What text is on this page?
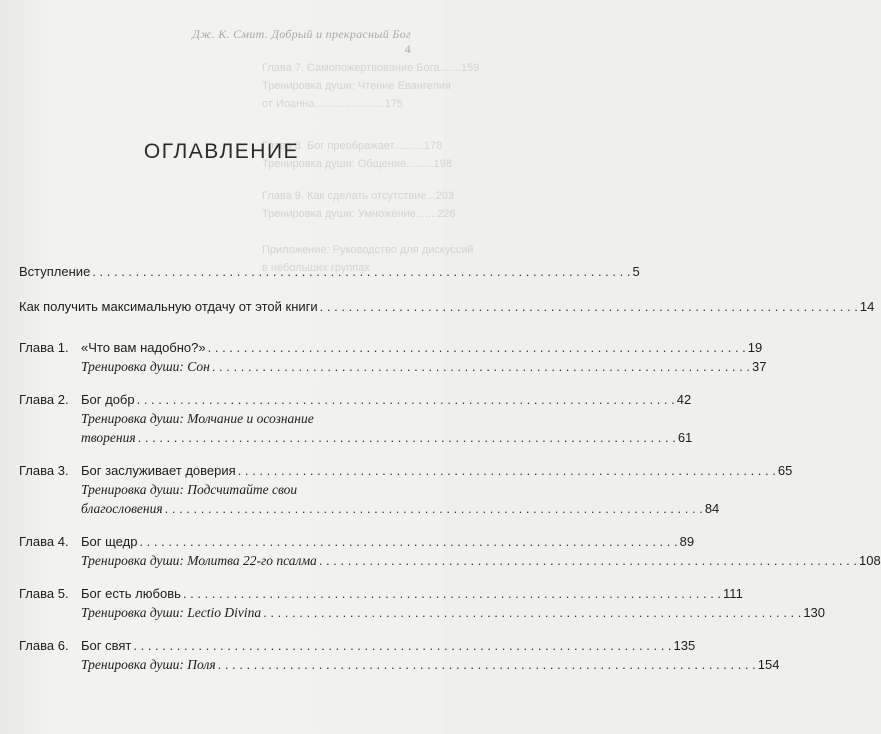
Глава 7. Самопожертвование Бога.......159
Тренировка души: Чтение Евангелия
от Иоанна.......................175
Глава 8. Бог преображает..........178
Тренировка души: Общение.........198
Глава 9. Как сделать отсутствие...203
Тренировка души: Умножение.......226
Приложение: Руководство для дискуссий
в небольших группах
Дж. К. Смит. Добрый и прекрасный Бог 4
ОГЛАВЛЕНИЕ
Вступление . . .	5
Как получить максимальную отдачу от этой книги . . .	14
Глава 1. «Что вам надобно?» . . .	19
Тренировка души: Сон . . .	37
Глава 2. Бог добр . . .	42
Тренировка души: Молчание и осознание
творения . . .	61
Глава 3. Бог заслуживает доверия . . .	65
Тренировка души: Подсчитайте свои
благословения . . .	84
Глава 4. Бог щедр . . .	89
Тренировка души: Молитва 22-го псалма . . .	108
Глава 5. Бог есть любовь . . .	111
Тренировка души: Lectio Divina . . .	130
Глава 6. Бог свят . . .	135
Тренировка души: Поля . . .	154
